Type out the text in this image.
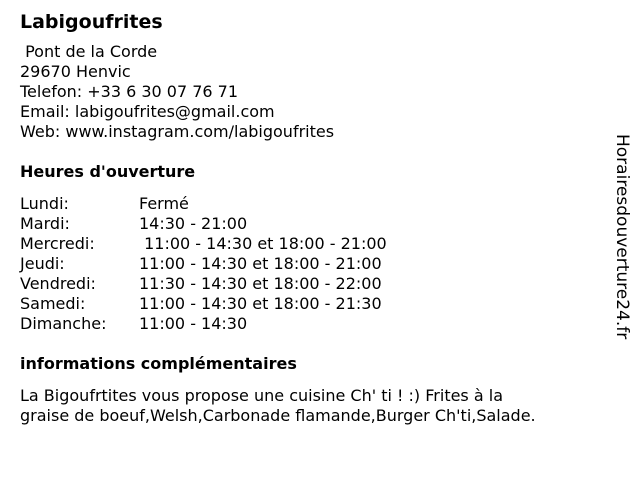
Labigoufrites
Pont de la Corde
29670 Henvic
Telefon: +33 6 30 07 76 71
Email: labigoufrites@gmail.com
Web: www.instagram.com/labigoufrites
Heures d'ouverture
Lundi:	Fermé
Mardi:	14:30 - 21:00
Mercredi:	11:00 - 14:30 et 18:00 - 21:00
Jeudi:	11:00 - 14:30 et 18:00 - 21:00
Vendredi:	11:30 - 14:30 et 18:00 - 22:00
Samedi:	11:00 - 14:30 et 18:00 - 21:30
Dimanche:	11:00 - 14:30
informations complémentaires
La Bigoufrtites vous propose une cuisine Ch' ti ! :) Frites à la
graise de boeuf,Welsh,Carbonade flamande,Burger Ch'ti,Salade.
Horairesdouverture24.fr
